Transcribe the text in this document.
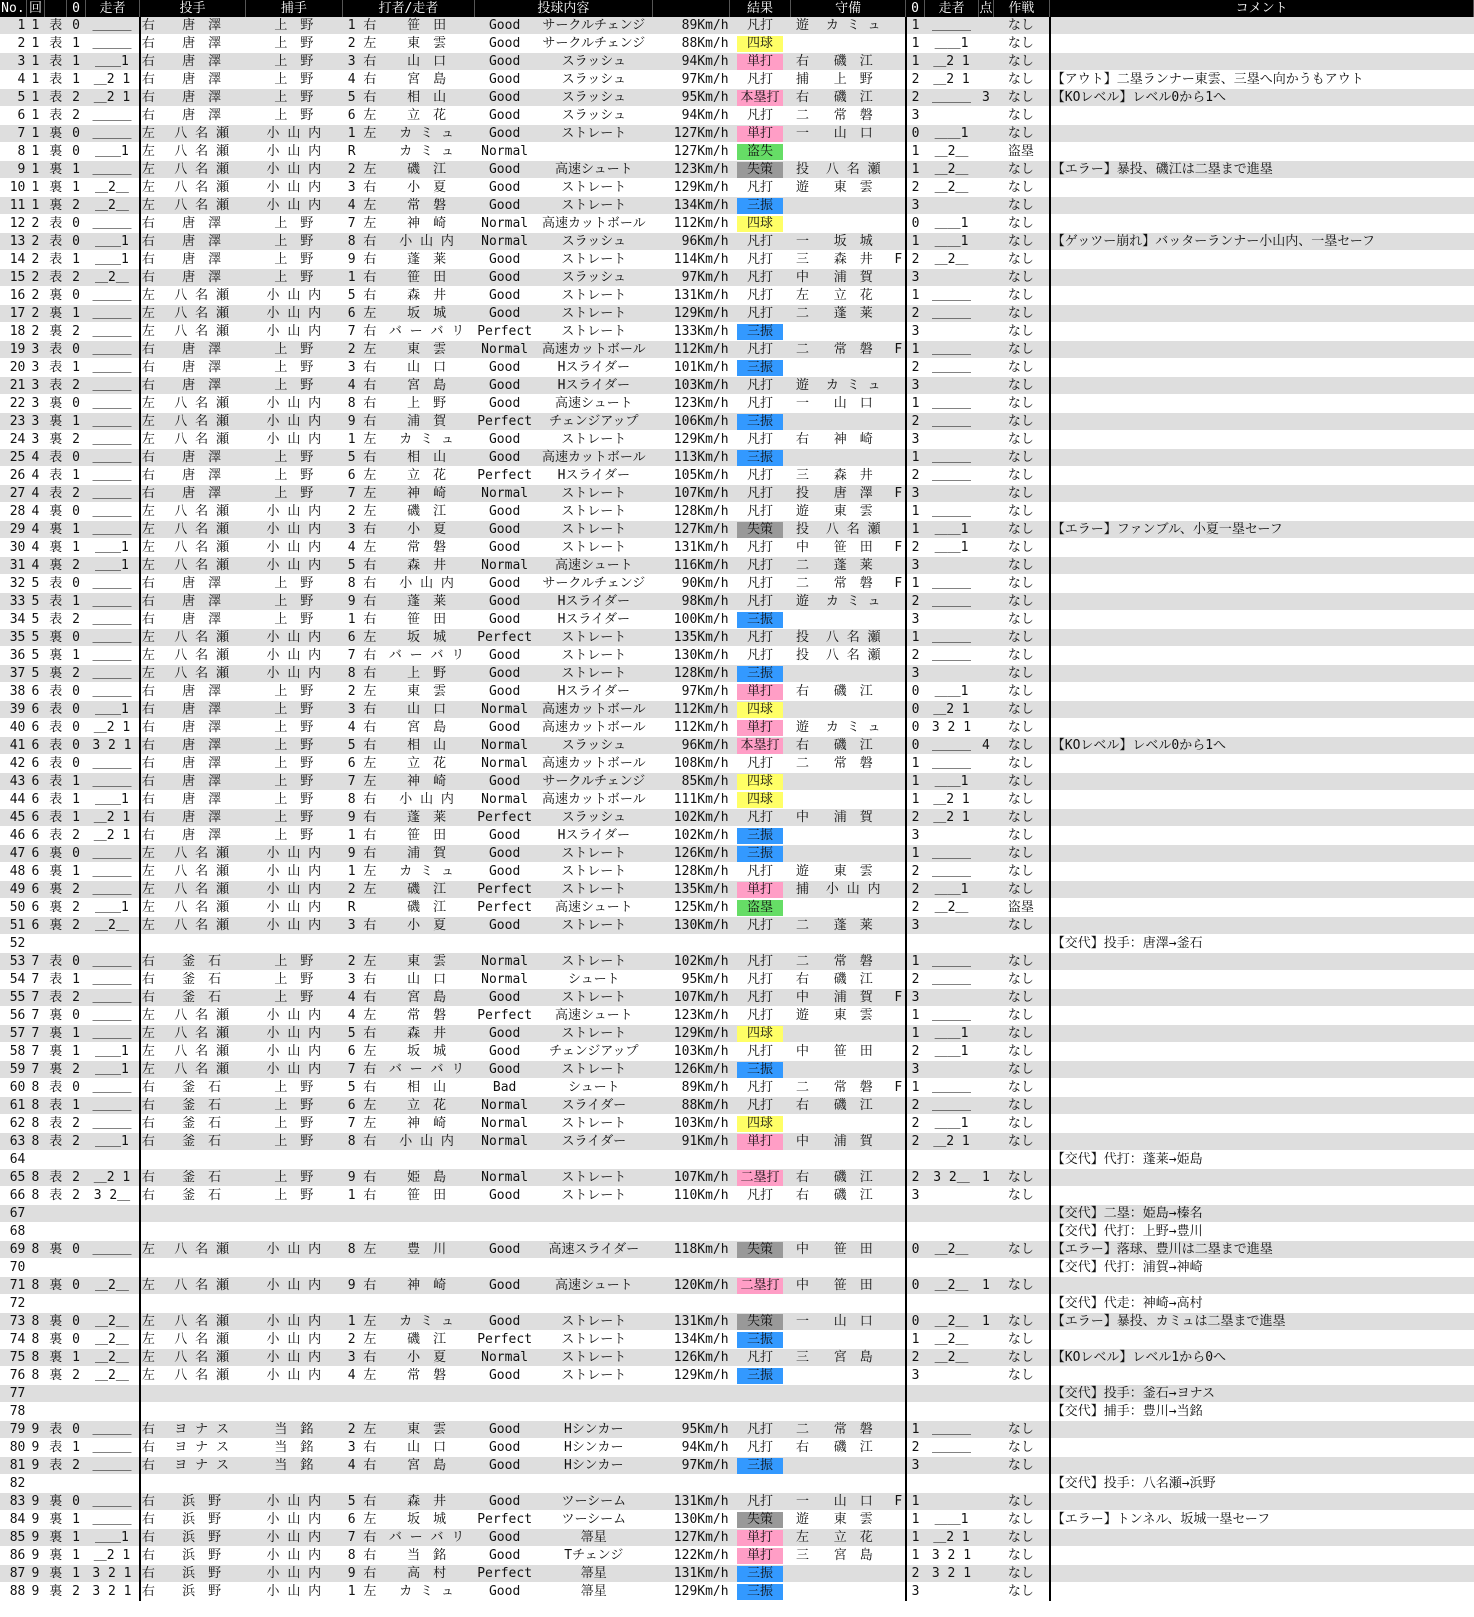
No.	回		0	走者	投手		捕手	打者/走者			投球内容			結果	守備			0	走者	点	作戦	コメント
1	1	表	0	＿＿＿	右	唐　澤	上　野	1	右	笹　田	Good	サークルチェンジ	89Km/h	凡打	遊	カ ミ ュ		1	＿＿＿		なし	
2	1	表	1	＿＿＿	右	唐　澤	上　野	2	左	東　雲	Good	サークルチェンジ	88Km/h	四球				1	＿＿1		なし	
3	1	表	1	＿＿1	右	唐　澤	上　野	3	右	山　口	Good	スラッシュ	94Km/h	単打	右	磯　江		1	＿2 1		なし	
4	1	表	1	＿2 1	右	唐　澤	上　野	4	右	宮　島	Good	スラッシュ	97Km/h	凡打	捕	上　野		2	＿2 1		なし	【アウト】二塁ランナー東雲、三塁へ向かうもアウト
5	1	表	2	＿2 1	右	唐　澤	上　野	5	右	相　山	Good	スラッシュ	95Km/h	本塁打	右	磯　江		2	＿＿＿	3	なし	【KOレベル】レベル0から1へ
6	1	表	2	＿＿＿	右	唐　澤	上　野	6	左	立　花	Good	スラッシュ	94Km/h	凡打	二	常　磐		3			なし	
7	1	裏	0	＿＿＿	左	八 名 瀬	小 山 内	1	左	カ ミ ュ	Good	ストレート	127Km/h	単打	一	山　口		0	＿＿1		なし	
8	1	裏	0	＿＿1	左	八 名 瀬	小 山 内	R		カ ミ ュ	Normal		127Km/h	盗失				1	＿2＿		盗塁	
9	1	裏	1	＿＿＿	左	八 名 瀬	小 山 内	2	左	磯　江	Good	高速シュート	123Km/h	失策	投	八 名 瀬		1	＿2＿		なし	【エラー】暴投、磯江は二塁まで進塁
10	1	裏	1	＿2＿	左	八 名 瀬	小 山 内	3	右	小　夏	Good	ストレート	129Km/h	凡打	遊	東　雲		2	＿2＿		なし	
11	1	裏	2	＿2＿	左	八 名 瀬	小 山 内	4	左	常　磐	Good	ストレート	134Km/h	三振				3			なし	
12	2	表	0	＿＿＿	右	唐　澤	上　野	7	左	神　崎	Normal	高速カットボール	112Km/h	四球				0	＿＿1		なし	
13	2	表	0	＿＿1	右	唐　澤	上　野	8	右	小 山 内	Normal	スラッシュ	96Km/h	凡打	一	坂　城		1	＿＿1		なし	【ゲッツー崩れ】バッターランナー小山内、一塁セーフ
14	2	表	1	＿＿1	右	唐　澤	上　野	9	右	蓬　莱	Good	ストレート	114Km/h	凡打	三	森　井	F	2	＿2＿		なし	
15	2	表	2	＿2＿	右	唐　澤	上　野	1	右	笹　田	Good	スラッシュ	97Km/h	凡打	中	浦　賀		3			なし	
16	2	裏	0	＿＿＿	左	八 名 瀬	小 山 内	5	右	森　井	Good	ストレート	131Km/h	凡打	左	立　花		1	＿＿＿		なし	
17	2	裏	1	＿＿＿	左	八 名 瀬	小 山 内	6	左	坂　城	Good	ストレート	129Km/h	凡打	二	蓬　莱		2	＿＿＿		なし	
18	2	裏	2	＿＿＿	左	八 名 瀬	小 山 内	7	右	バ ー バ リ	Perfect	ストレート	133Km/h	三振				3			なし	
19	3	表	0	＿＿＿	右	唐　澤	上　野	2	左	東　雲	Normal	高速カットボール	112Km/h	凡打	二	常　磐	F	1	＿＿＿		なし	
20	3	表	1	＿＿＿	右	唐　澤	上　野	3	右	山　口	Good	Hスライダー	101Km/h	三振				2	＿＿＿		なし	
21	3	表	2	＿＿＿	右	唐　澤	上　野	4	右	宮　島	Good	Hスライダー	103Km/h	凡打	遊	カ ミ ュ		3			なし	
22	3	裏	0	＿＿＿	左	八 名 瀬	小 山 内	8	右	上　野	Good	高速シュート	123Km/h	凡打	一	山　口		1	＿＿＿		なし	
23	3	裏	1	＿＿＿	左	八 名 瀬	小 山 内	9	右	浦　賀	Perfect	チェンジアップ	106Km/h	三振				2	＿＿＿		なし	
24	3	裏	2	＿＿＿	左	八 名 瀬	小 山 内	1	左	カ ミ ュ	Good	ストレート	129Km/h	凡打	右	神　崎		3			なし	
25	4	表	0	＿＿＿	右	唐　澤	上　野	5	右	相　山	Good	高速カットボール	113Km/h	三振				1	＿＿＿		なし	
26	4	表	1	＿＿＿	右	唐　澤	上　野	6	左	立　花	Perfect	Hスライダー	105Km/h	凡打	三	森　井		2	＿＿＿		なし	
27	4	表	2	＿＿＿	右	唐　澤	上　野	7	左	神　崎	Normal	ストレート	107Km/h	凡打	投	唐　澤	F	3			なし	
28	4	裏	0	＿＿＿	左	八 名 瀬	小 山 内	2	左	磯　江	Good	ストレート	128Km/h	凡打	遊	東　雲		1	＿＿＿		なし	
29	4	裏	1	＿＿＿	左	八 名 瀬	小 山 内	3	右	小　夏	Good	ストレート	127Km/h	失策	投	八 名 瀬		1	＿＿1		なし	【エラー】ファンブル、小夏一塁セーフ
30	4	裏	1	＿＿1	左	八 名 瀬	小 山 内	4	左	常　磐	Good	ストレート	131Km/h	凡打	中	笹　田	F	2	＿＿1		なし	
31	4	裏	2	＿＿1	左	八 名 瀬	小 山 内	5	右	森　井	Normal	高速シュート	116Km/h	凡打	二	蓬　莱		3			なし	
32	5	表	0	＿＿＿	右	唐　澤	上　野	8	右	小 山 内	Good	サークルチェンジ	90Km/h	凡打	二	常　磐	F	1	＿＿＿		なし	
33	5	表	1	＿＿＿	右	唐　澤	上　野	9	右	蓬　莱	Good	Hスライダー	98Km/h	凡打	遊	カ ミ ュ		2	＿＿＿		なし	
34	5	表	2	＿＿＿	右	唐　澤	上　野	1	右	笹　田	Good	Hスライダー	100Km/h	三振				3			なし	
35	5	裏	0	＿＿＿	左	八 名 瀬	小 山 内	6	左	坂　城	Perfect	ストレート	135Km/h	凡打	投	八 名 瀬		1	＿＿＿		なし	
36	5	裏	1	＿＿＿	左	八 名 瀬	小 山 内	7	右	バ ー バ リ	Good	ストレート	130Km/h	凡打	投	八 名 瀬		2	＿＿＿		なし	
37	5	裏	2	＿＿＿	左	八 名 瀬	小 山 内	8	右	上　野	Good	ストレート	128Km/h	三振				3			なし	
38	6	表	0	＿＿＿	右	唐　澤	上　野	2	左	東　雲	Good	Hスライダー	97Km/h	単打	右	磯　江		0	＿＿1		なし	
39	6	表	0	＿＿1	右	唐　澤	上　野	3	右	山　口	Normal	高速カットボール	112Km/h	四球				0	＿2 1		なし	
40	6	表	0	＿2 1	右	唐　澤	上　野	4	右	宮　島	Good	高速カットボール	112Km/h	単打	遊	カ ミ ュ		0	3 2 1		なし	
41	6	表	0	3 2 1	右	唐　澤	上　野	5	右	相　山	Normal	スラッシュ	96Km/h	本塁打	右	磯　江		0	＿＿＿	4	なし	【KOレベル】レベル0から1へ
42	6	表	0	＿＿＿	右	唐　澤	上　野	6	左	立　花	Normal	高速カットボール	108Km/h	凡打	二	常　磐		1	＿＿＿		なし	
43	6	表	1	＿＿＿	右	唐　澤	上　野	7	左	神　崎	Good	サークルチェンジ	85Km/h	四球				1	＿＿1		なし	
44	6	表	1	＿＿1	右	唐　澤	上　野	8	右	小 山 内	Normal	高速カットボール	111Km/h	四球				1	＿2 1		なし	
45	6	表	1	＿2 1	右	唐　澤	上　野	9	右	蓬　莱	Perfect	スラッシュ	102Km/h	凡打	中	浦　賀		2	＿2 1		なし	
46	6	表	2	＿2 1	右	唐　澤	上　野	1	右	笹　田	Good	Hスライダー	102Km/h	三振				3			なし	
47	6	裏	0	＿＿＿	左	八 名 瀬	小 山 内	9	右	浦　賀	Good	ストレート	126Km/h	三振				1	＿＿＿		なし	
48	6	裏	1	＿＿＿	左	八 名 瀬	小 山 内	1	左	カ ミ ュ	Good	ストレート	128Km/h	凡打	遊	東　雲		2	＿＿＿		なし	
49	6	裏	2	＿＿＿	左	八 名 瀬	小 山 内	2	左	磯　江	Perfect	ストレート	135Km/h	単打	捕	小 山 内		2	＿＿1		なし	
50	6	裏	2	＿＿1	左	八 名 瀬	小 山 内	R		磯　江	Perfect	高速シュート	125Km/h	盗塁				2	＿2＿		盗塁	
51	6	裏	2	＿2＿	左	八 名 瀬	小 山 内	3	右	小　夏	Good	ストレート	130Km/h	凡打	二	蓬　莱		3			なし	
52																						【交代】投手：唐澤→釜石
53	7	表	0	＿＿＿	右	釜　石	上　野	2	左	東　雲	Normal	ストレート	102Km/h	凡打	二	常　磐		1	＿＿＿		なし	
54	7	表	1	＿＿＿	右	釜　石	上　野	3	右	山　口	Normal	シュート	95Km/h	凡打	右	磯　江		2	＿＿＿		なし	
55	7	表	2	＿＿＿	右	釜　石	上　野	4	右	宮　島	Good	ストレート	107Km/h	凡打	中	浦　賀	F	3			なし	
56	7	裏	0	＿＿＿	左	八 名 瀬	小 山 内	4	左	常　磐	Perfect	高速シュート	123Km/h	凡打	遊	東　雲		1	＿＿＿		なし	
57	7	裏	1	＿＿＿	左	八 名 瀬	小 山 内	5	右	森　井	Good	ストレート	129Km/h	四球				1	＿＿1		なし	
58	7	裏	1	＿＿1	左	八 名 瀬	小 山 内	6	左	坂　城	Good	チェンジアップ	103Km/h	凡打	中	笹　田		2	＿＿1		なし	
59	7	裏	2	＿＿1	左	八 名 瀬	小 山 内	7	右	バ ー バ リ	Good	ストレート	126Km/h	三振				3			なし	
60	8	表	0	＿＿＿	右	釜　石	上　野	5	右	相　山	Bad	シュート	89Km/h	凡打	二	常　磐	F	1	＿＿＿		なし	
61	8	表	1	＿＿＿	右	釜　石	上　野	6	左	立　花	Normal	スライダー	88Km/h	凡打	右	磯　江		2	＿＿＿		なし	
62	8	表	2	＿＿＿	右	釜　石	上　野	7	左	神　崎	Normal	ストレート	103Km/h	四球				2	＿＿1		なし	
63	8	表	2	＿＿1	右	釜　石	上　野	8	右	小 山 内	Normal	スライダー	91Km/h	単打	中	浦　賀		2	＿2 1		なし	
64																						【交代】代打：蓬莱→姫島
65	8	表	2	＿2 1	右	釜　石	上　野	9	右	姫　島	Normal	ストレート	107Km/h	二塁打	右	磯　江		2	3 2＿	1	なし	
66	8	表	2	3 2＿	右	釜　石	上　野	1	右	笹　田	Good	ストレート	110Km/h	凡打	右	磯　江		3			なし	
67																						【交代】二塁：姫島→榛名
68																						【交代】代打：上野→豊川
69	8	裏	0	＿＿＿	左	八 名 瀬	小 山 内	8	左	豊　川	Good	高速スライダー	118Km/h	失策	中	笹　田		0	＿2＿		なし	【エラー】落球、豊川は二塁まで進塁
70																						【交代】代打：浦賀→神崎
71	8	裏	0	＿2＿	左	八 名 瀬	小 山 内	9	右	神　崎	Good	高速シュート	120Km/h	二塁打	中	笹　田		0	＿2＿	1	なし	
72																						【交代】代走：神崎→高村
73	8	裏	0	＿2＿	左	八 名 瀬	小 山 内	1	左	カ ミ ュ	Good	ストレート	131Km/h	失策	一	山　口		0	＿2＿	1	なし	【エラー】暴投、カミュは二塁まで進塁
74	8	裏	0	＿2＿	左	八 名 瀬	小 山 内	2	左	磯　江	Perfect	ストレート	134Km/h	三振				1	＿2＿		なし	
75	8	裏	1	＿2＿	左	八 名 瀬	小 山 内	3	右	小　夏	Normal	ストレート	126Km/h	凡打	三	宮　島		2	＿2＿		なし	【KOレベル】レベル1から0へ
76	8	裏	2	＿2＿	左	八 名 瀬	小 山 内	4	左	常　磐	Good	ストレート	129Km/h	三振				3			なし	
77																						【交代】投手：釜石→ヨナス
78																						【交代】捕手：豊川→当銘
79	9	表	0	＿＿＿	右	ヨ ナ ス	当　銘	2	左	東　雲	Good	Hシンカー	95Km/h	凡打	二	常　磐		1	＿＿＿		なし	
80	9	表	1	＿＿＿	右	ヨ ナ ス	当　銘	3	右	山　口	Good	Hシンカー	94Km/h	凡打	右	磯　江		2	＿＿＿		なし	
81	9	表	2	＿＿＿	右	ヨ ナ ス	当　銘	4	右	宮　島	Good	Hシンカー	97Km/h	三振				3			なし	
82																						【交代】投手：八名瀬→浜野
83	9	裏	0	＿＿＿	右	浜　野	小 山 内	5	右	森　井	Good	ツーシーム	131Km/h	凡打	一	山　口	F	1			なし	
84	9	裏	1	＿＿＿	右	浜　野	小 山 内	6	左	坂　城	Perfect	ツーシーム	130Km/h	失策	遊	東　雲		1	＿＿1		なし	【エラー】トンネル、坂城一塁セーフ
85	9	裏	1	＿＿1	右	浜　野	小 山 内	7	右	バ ー バ リ	Good	箒星	127Km/h	単打	左	立　花		1	＿2 1		なし	
86	9	裏	1	＿2 1	右	浜　野	小 山 内	8	右	当　銘	Good	Tチェンジ	122Km/h	単打	三	宮　島		1	3 2 1		なし	
87	9	裏	1	3 2 1	右	浜　野	小 山 内	9	右	高　村	Perfect	箒星	131Km/h	三振				2	3 2 1		なし	
88	9	裏	2	3 2 1	右	浜　野	小 山 内	1	左	カ ミ ュ	Good	箒星	129Km/h	三振				3			なし	
